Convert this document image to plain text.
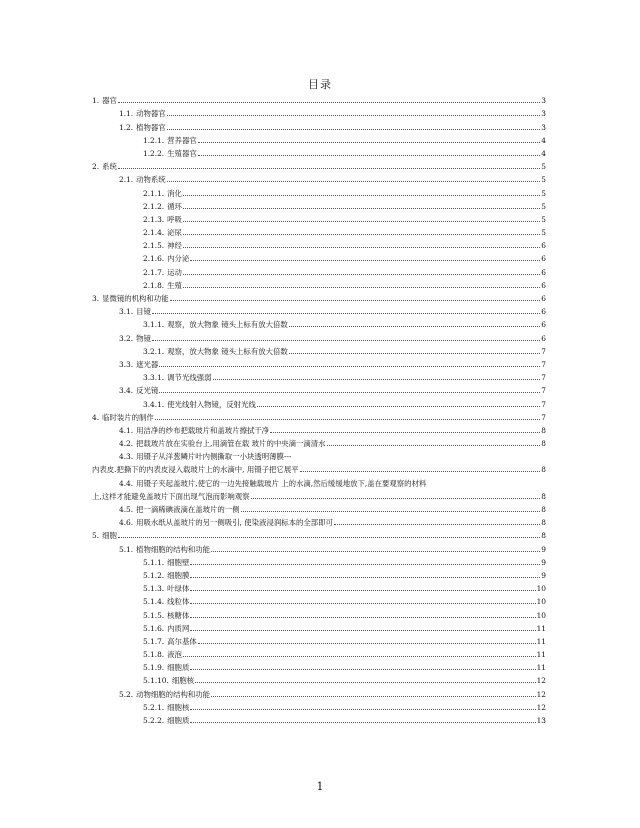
目录
1. 器官	3
1.1. 动物器官	3
1.2. 植物器官	3
1.2.1. 营养器官	4
1.2.2. 生殖器官	4
2. 系统	5
2.1. 动物系统	5
2.1.1. 消化	5
2.1.2. 循环	5
2.1.3. 呼吸	5
2.1.4. 泌尿	5
2.1.5. 神经	6
2.1.6. 内分泌	6
2.1.7. 运动	6
2.1.8. 生殖	6
3. 显微镜的机构和功能	6
3.1. 目镜	6
3.1.1. 观察，放大物象 镜头上标有放大倍数	6
3.2. 物镜	6
3.2.1. 观察，放大物象 镜头上标有放大倍数	7
3.3. 遮光器	7
3.3.1. 调节光线强弱	7
3.4. 反光镜	7
3.4.1. 使光线射入物镜，反射光线	7
4. 临时装片的制作	7
4.1. 用洁净的纱布把载玻片和盖玻片擦拭干净	8
4.2. 把载玻片放在实验台上,用滴管在载 玻片的中央滴一滴清水	8
4.3. 用镊子从洋葱鳞片叶内侧撕取一小块透明薄膜---
内表皮.把撕下的内表皮浸入载玻片上的水滴中, 用镊子把它展平	8
4.4. 用镊子夹起盖玻片,使它的一边先接触载玻片 上的水滴,然后缓缓地放下,盖在要观察的材料
上,这样才能避免盖玻片下面出现气泡而影响观察	8
4.5. 把一滴稀碘液滴在盖玻片的一侧	8
4.6. 用吸水纸从盖玻片的另一侧吸引, 使染液浸润标本的全部即可	8
5. 细胞	8
5.1. 植物细胞的结构和功能	9
5.1.1. 细胞壁	9
5.1.2. 细胞膜	9
5.1.3. 叶绿体	10
5.1.4. 线粒体	10
5.1.5. 核糖体	10
5.1.6. 内质网	11
5.1.7. 高尔基体	11
5.1.8. 液泡	11
5.1.9. 细胞质	11
5.1.10. 细胞核	12
5.2. 动物细胞的结构和功能	12
5.2.1. 细胞核	12
5.2.2. 细胞质	13
1
